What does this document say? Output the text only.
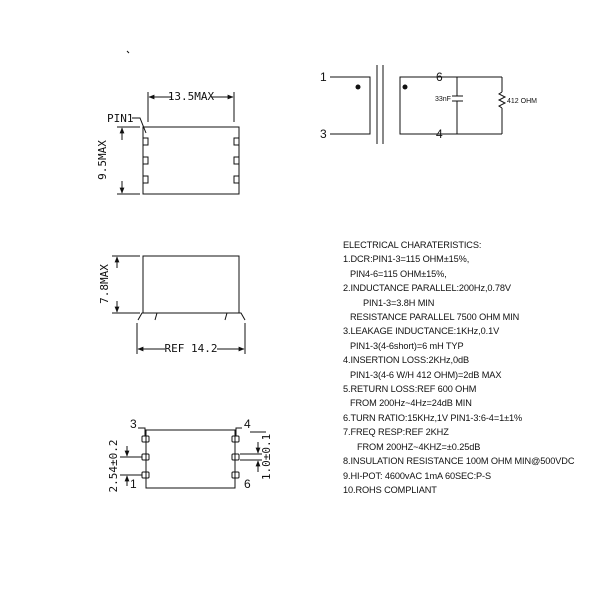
13.5MAX
9.5MAX
PIN1
7.8MAX
REF 14.2
3
1
4
6
2.54±0.2	1.0±0.1
1
3
6
4
33nF	412 OHM
ELECTRICAL CHARATERISTICS:
1.DCR:PIN1-3=115 OHM±15%,
PIN4-6=115 OHM±15%,
2.INDUCTANCE PARALLEL:200Hz,0.78V
PIN1-3=3.8H MIN
RESISTANCE PARALLEL 7500 OHM MIN
3.LEAKAGE INDUCTANCE:1KHz,0.1V
PIN1-3(4-6short)=6 mH TYP
4.INSERTION LOSS:2KHz,0dB
PIN1-3(4-6 W/H 412 OHM)=2dB MAX
5.RETURN LOSS:REF 600 OHM
FROM 200Hz~4Hz=24dB MIN
6.TURN RATIO:15KHz,1V PIN1-3:6-4=1±1%
7.FREQ RESP:REF 2KHZ
FROM 200HZ~4KHZ=±0.25dB
8.INSULATION RESISTANCE 100M OHM MIN@500VDC
9.HI-POT: 4600vAC 1mA 60SEC:P-S
10.ROHS COMPLIANT
